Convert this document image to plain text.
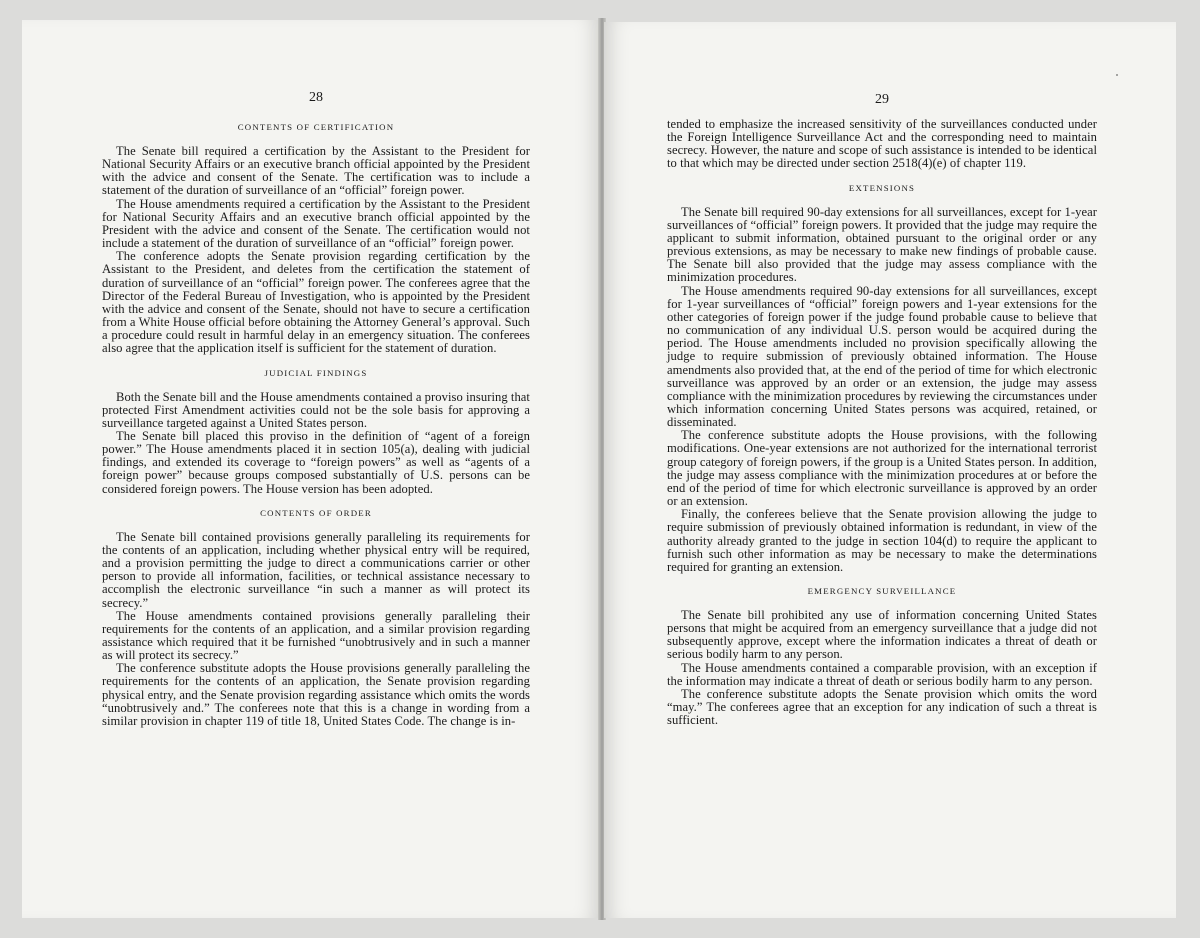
28
CONTENTS OF CERTIFICATION

The Senate bill required a certification by the Assistant to the President for National Security Affairs or an executive branch official appointed by the President with the advice and consent of the Senate. The certification was to include a statement of the duration of surveillance of an “official” foreign power.

The House amendments required a certification by the Assistant to the President for National Security Affairs and an executive branch official appointed by the President with the advice and consent of the Senate. The certification would not include a statement of the duration of surveillance of an “official” foreign power.

The conference adopts the Senate provision regarding certification by the Assistant to the President, and deletes from the certification the statement of duration of surveillance of an “official” foreign power. The conferees agree that the Director of the Federal Bureau of Investigation, who is appointed by the President with the advice and consent of the Senate, should not have to secure a certification from a White House official before obtaining the Attorney General’s approval. Such a procedure could result in harmful delay in an emergency situation. The conferees also agree that the application itself is sufficient for the statement of duration.

JUDICIAL FINDINGS

Both the Senate bill and the House amendments contained a proviso insuring that protected First Amendment activities could not be the sole basis for approving a surveillance targeted against a United States person.

The Senate bill placed this proviso in the definition of “agent of a foreign power.” The House amendments placed it in section 105(a), dealing with judicial findings, and extended its coverage to “foreign powers” as well as “agents of a foreign power” because groups composed substantially of U.S. persons can be considered foreign powers. The House version has been adopted.

CONTENTS OF ORDER

The Senate bill contained provisions generally paralleling its requirements for the contents of an application, including whether physical entry will be required, and a provision permitting the judge to direct a communications carrier or other person to provide all information, facilities, or technical assistance necessary to accomplish the electronic surveillance “in such a manner as will protect its secrecy.”

The House amendments contained provisions generally paralleling their requirements for the contents of an application, and a similar provision regarding assistance which required that it be furnished “unobtrusively and in such a manner as will protect its secrecy.”

The conference substitute adopts the House provisions generally paralleling the requirements for the contents of an application, the Senate provision regarding physical entry, and the Senate provision regarding assistance which omits the words “unobtrusively and.” The conferees note that this is a change in wording from a similar provision in chapter 119 of title 18, United States Code. The change is in-

29

tended to emphasize the increased sensitivity of the surveillances conducted under the Foreign Intelligence Surveillance Act and the corresponding need to maintain secrecy. However, the nature and scope of such assistance is intended to be identical to that which may be directed under section 2518(4)(e) of chapter 119.

EXTENSIONS

The Senate bill required 90-day extensions for all surveillances, except for 1-year surveillances of “official” foreign powers. It provided that the judge may require the applicant to submit information, obtained pursuant to the original order or any previous extensions, as may be necessary to make new findings of probable cause. The Senate bill also provided that the judge may assess compliance with the minimization procedures.

The House amendments required 90-day extensions for all surveillances, except for 1-year surveillances of “official” foreign powers and 1-year extensions for the other categories of foreign power if the judge found probable cause to believe that no communication of any individual U.S. person would be acquired during the period. The House amendments included no provision specifically allowing the judge to require submission of previously obtained information. The House amendments also provided that, at the end of the period of time for which electronic surveillance was approved by an order or an extension, the judge may assess compliance with the minimization procedures by reviewing the circumstances under which information concerning United States persons was acquired, retained, or disseminated.

The conference substitute adopts the House provisions, with the following modifications. One-year extensions are not authorized for the international terrorist group category of foreign powers, if the group is a United States person. In addition, the judge may assess compliance with the minimization procedures at or before the end of the period of time for which electronic surveillance is approved by an order or an extension.

Finally, the conferees believe that the Senate provision allowing the judge to require submission of previously obtained information is redundant, in view of the authority already granted to the judge in section 104(d) to require the applicant to furnish such other information as may be necessary to make the determinations required for granting an extension.

EMERGENCY SURVEILLANCE

The Senate bill prohibited any use of information concerning United States persons that might be acquired from an emergency surveillance that a judge did not subsequently approve, except where the information indicates a threat of death or serious bodily harm to any person.

The House amendments contained a comparable provision, with an exception if the information may indicate a threat of death or serious bodily harm to any person.

The conference substitute adopts the Senate provision which omits the word “may.” The conferees agree that an exception for any indication of such a threat is sufficient.
